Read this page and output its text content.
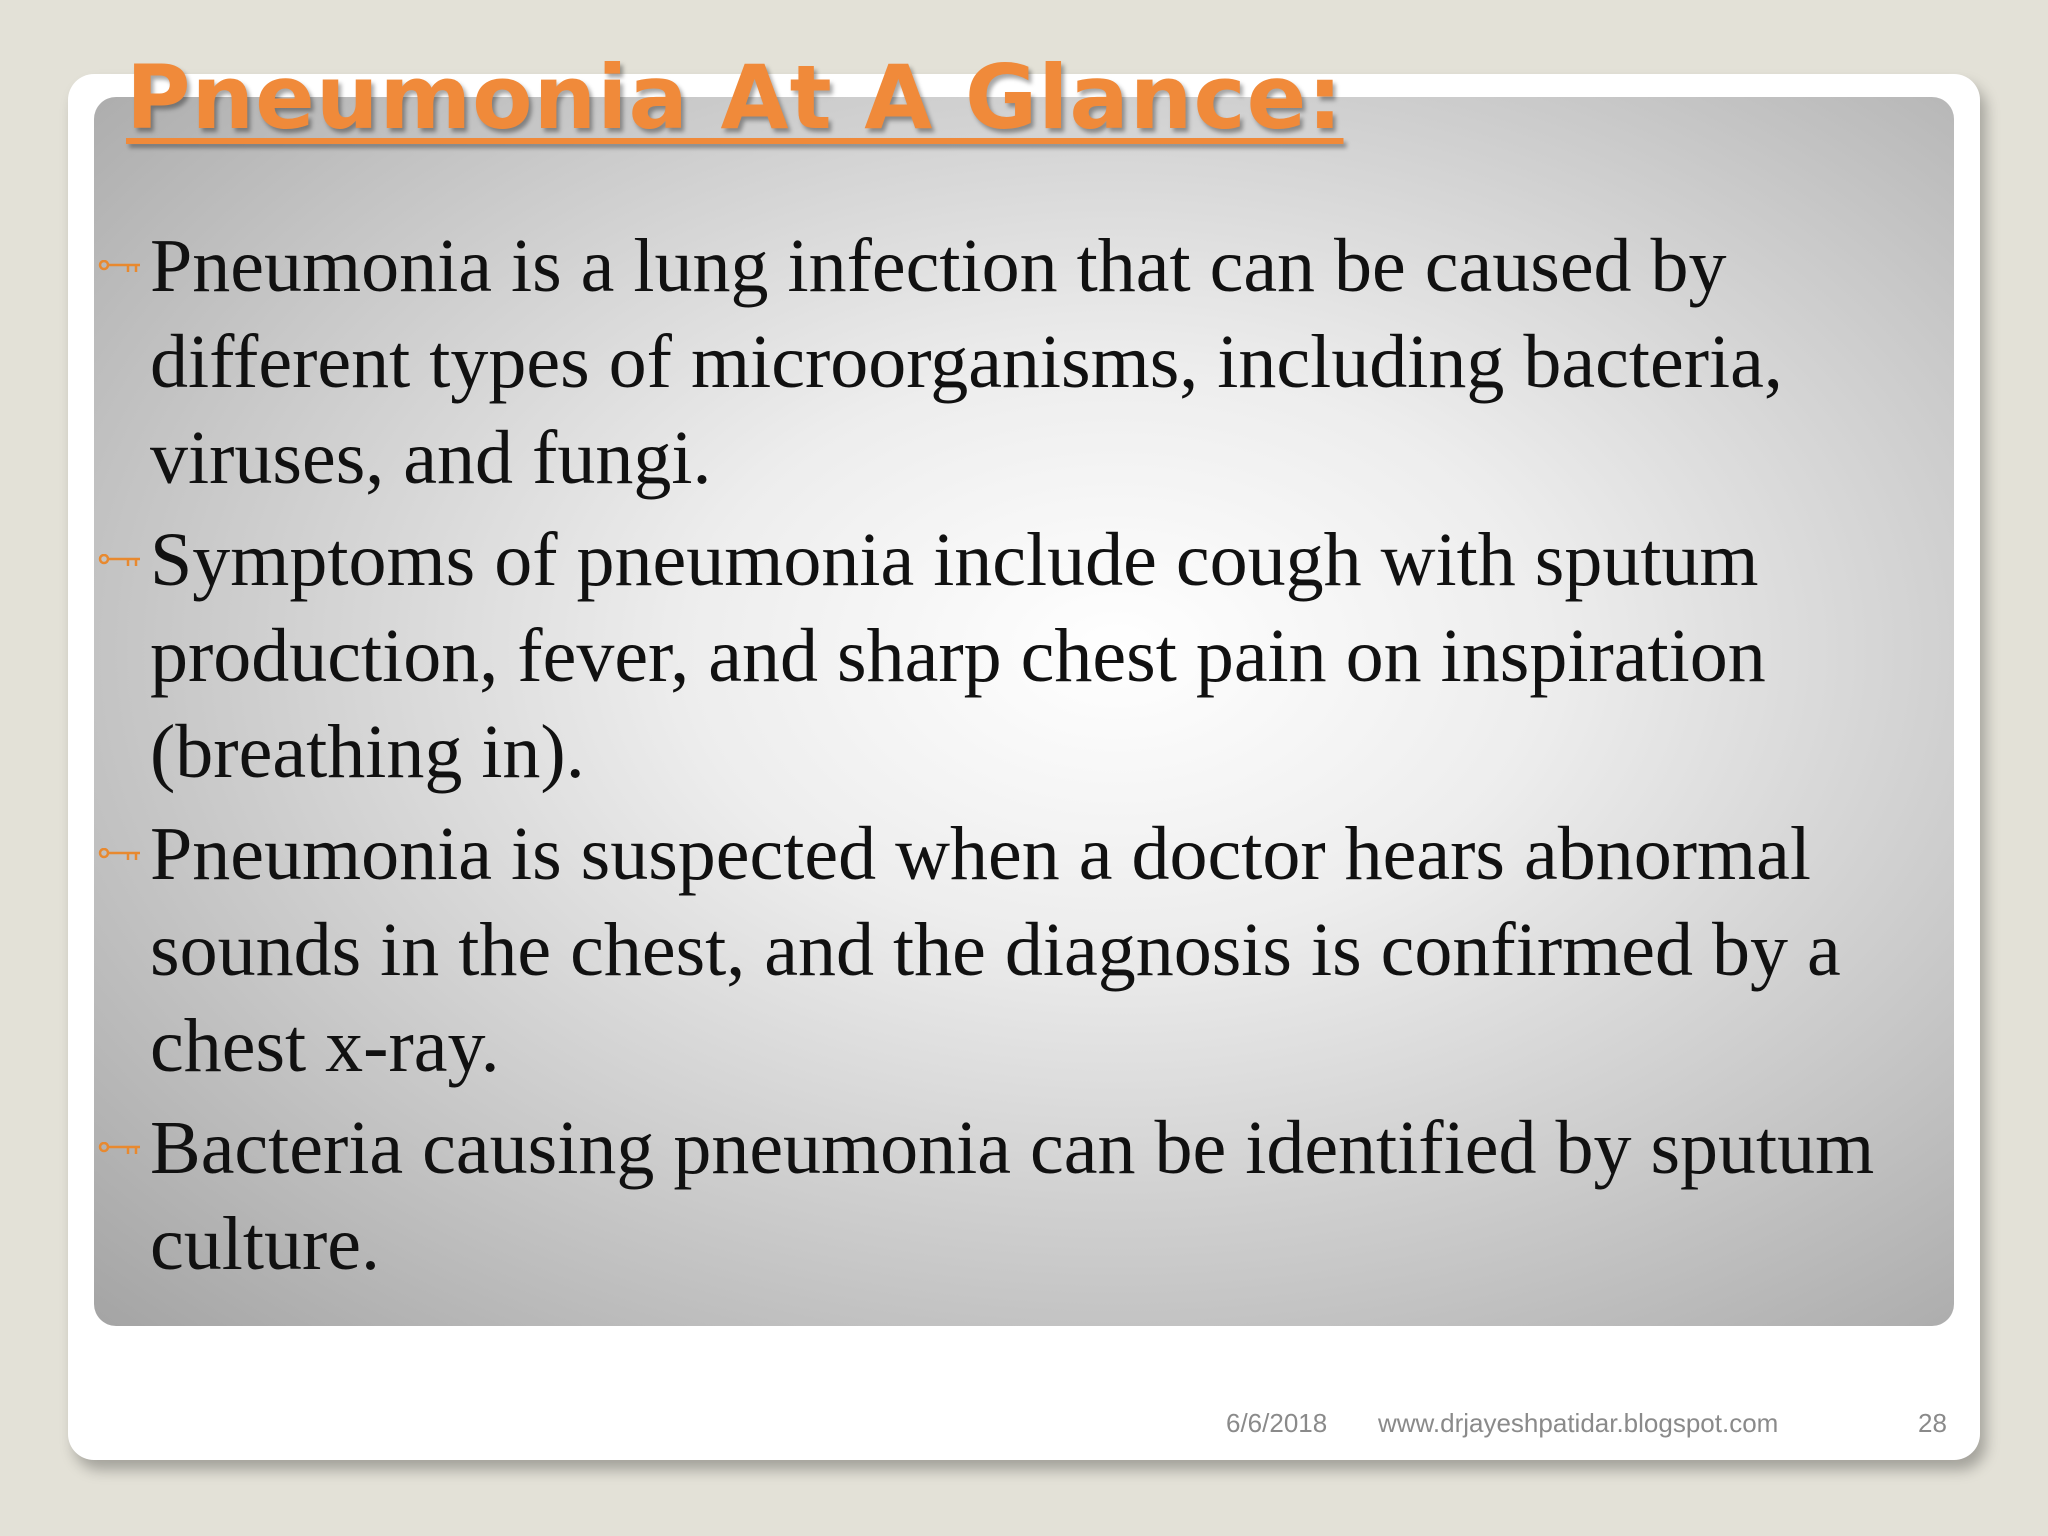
Pneumonia At A Glance:
Pneumonia is a lung infection that can be caused by different types of microorganisms, including bacteria, viruses, and fungi.
Symptoms of pneumonia include cough with sputum production, fever, and sharp chest pain on inspiration (breathing in).
Pneumonia is suspected when a doctor hears abnormal sounds in the chest, and the diagnosis is confirmed by a chest x-ray.
Bacteria causing pneumonia can be identified by sputum culture.
6/6/2018 www.drjayeshpatidar.blogspot.com	28
